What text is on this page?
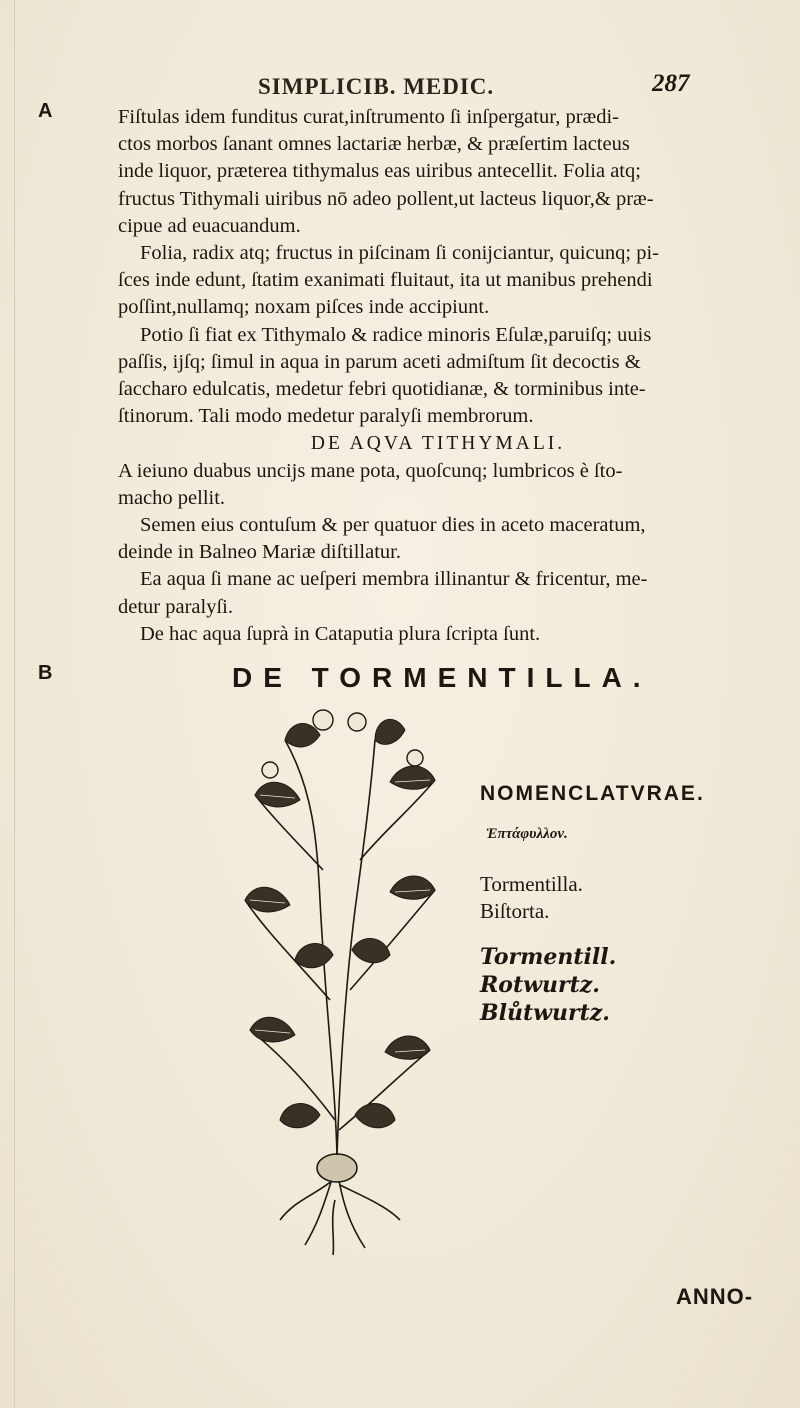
SIMPLICIB. MEDIC.	287
A
B

Fiſtulas idem funditus curat,inſtrumento ſi inſpergatur, prædi-
ctos morbos ſanant omnes lactariæ herbæ, & præſertim lacteus
inde liquor, præterea tithymalus eas uiribus antecellit. Folia atq;
fructus Tithymali uiribus nō adeo pollent,ut lacteus liquor,& præ-
cipue ad euacuandum.

Folia, radix atq; fructus in piſcinam ſi conijciantur, quicunq; pi-
ſces inde edunt, ſtatim exanimati fluitaut, ita ut manibus prehendi
poſſint,nullamq; noxam piſces inde accipiunt.

Potio ſi fiat ex Tithymalo & radice minoris Eſulæ,paruiſq; uuis
paſſis, ijſq; ſimul in aqua in parum aceti admiſtum ſit decoctis &
ſaccharo edulcatis, medetur febri quotidianæ, & torminibus inte-
ſtinorum. Tali modo medetur paralyſi membrorum.

DE AQVA TITHYMALI.

A ieiuno duabus uncijs mane pota, quoſcunq; lumbricos è ſto-
macho pellit.

Semen eius contuſum & per quatuor dies in aceto maceratum,
deinde in Balneo Mariæ diſtillatur.

Ea aqua ſi mane ac ueſperi membra illinantur & fricentur, me-
detur paralyſi.

De hac aqua ſuprà in Cataputia plura ſcripta ſunt.

DE TORMENTILLA.
NOMENCLATVRAE.
Ἑπτάφυλλον.
Tormentilla.
Biſtorta.
Tormentill.
Rotwurtz.
Blůtwurtz.
ANNO-
